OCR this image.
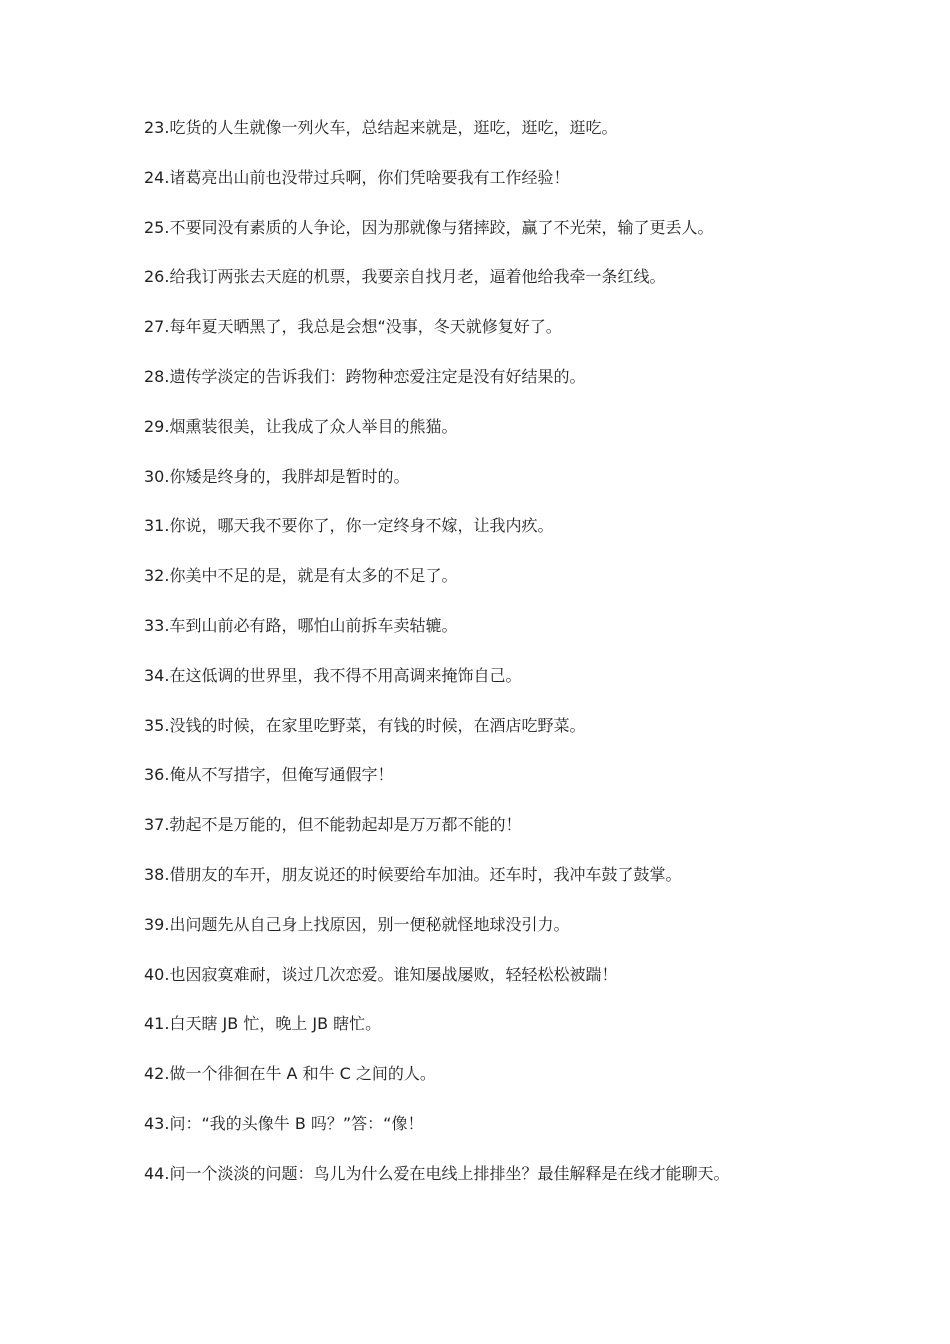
23.吃货的人生就像一列火车，总结起来就是，逛吃，逛吃，逛吃。
24.诸葛亮出山前也没带过兵啊，你们凭啥要我有工作经验！
25.不要同没有素质的人争论，因为那就像与猪摔跤，赢了不光荣，输了更丢人。
26.给我订两张去天庭的机票，我要亲自找月老，逼着他给我牵一条红线。
27.每年夏天晒黑了，我总是会想“没事，冬天就修复好了。
28.遗传学淡定的告诉我们：跨物种恋爱注定是没有好结果的。
29.烟熏装很美，让我成了众人举目的熊猫。
30.你矮是终身的，我胖却是暂时的。
31.你说，哪天我不要你了，你一定终身不嫁，让我内疚。
32.你美中不足的是，就是有太多的不足了。
33.车到山前必有路，哪怕山前拆车卖轱辘。
34.在这低调的世界里，我不得不用高调来掩饰自己。
35.没钱的时候，在家里吃野菜，有钱的时候，在酒店吃野菜。
36.俺从不写措字，但俺写通假字！
37.勃起不是万能的，但不能勃起却是万万都不能的！
38.借朋友的车开，朋友说还的时候要给车加油。还车时，我冲车鼓了鼓掌。
39.出问题先从自己身上找原因，别一便秘就怪地球没引力。
40.也因寂寞难耐，谈过几次恋爱。谁知屡战屡败，轻轻松松被踹！
41.白天瞎 JB 忙，晚上 JB 瞎忙。
42.做一个徘徊在牛 A 和牛 C 之间的人。
43.问：“我的头像牛 B 吗？”答：“像！
44.问一个淡淡的问题：鸟儿为什么爱在电线上排排坐？最佳解释是在线才能聊天。
